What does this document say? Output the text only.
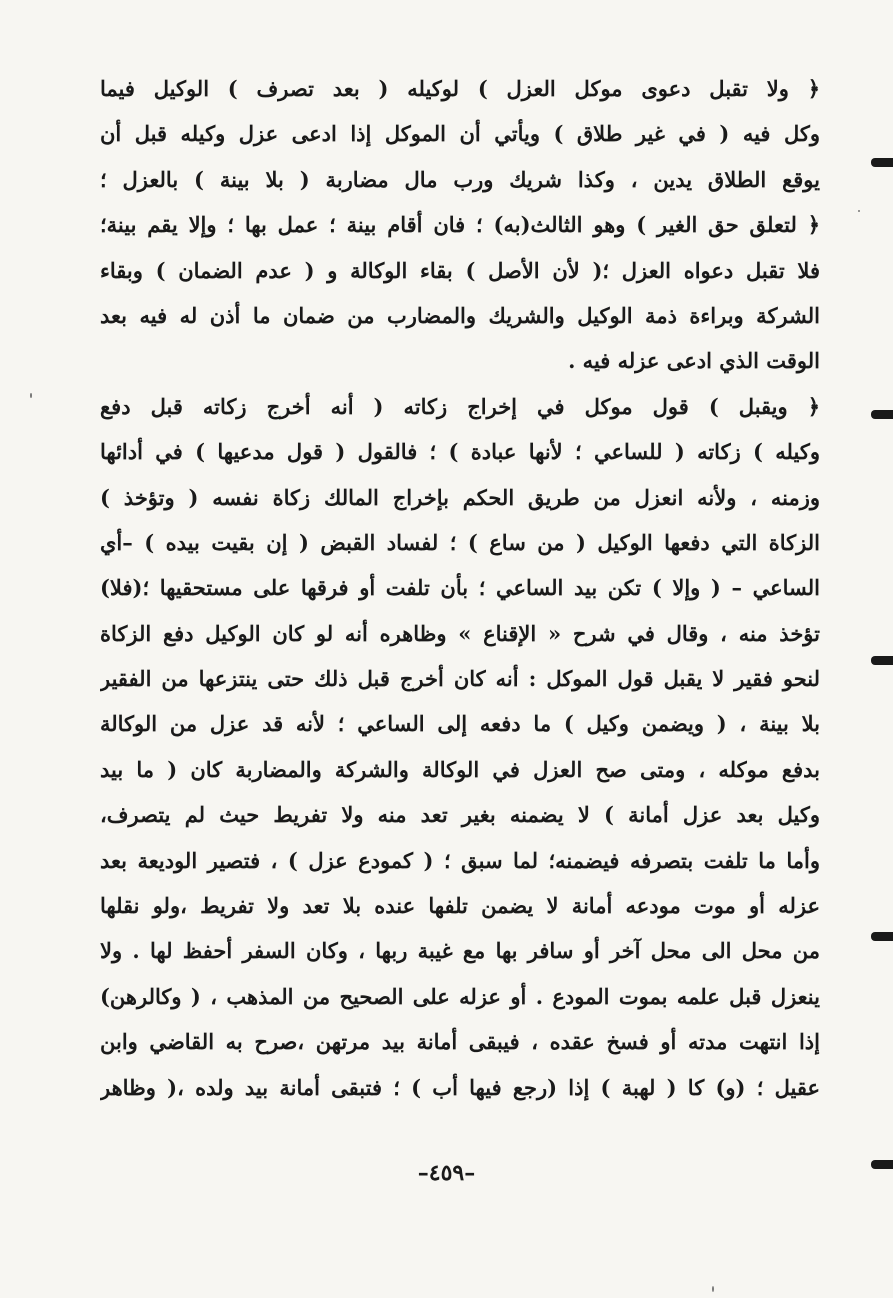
﴿ ولا تقبل دعوى موكل العزل ) لوكيله ( بعد تصرف ) الوكيل فيما
وكل فيه ( في غير طلاق ) ويأتي أن الموكل إذا ادعى عزل وكيله قبل أن
يوقع الطلاق يدين ، وكذا شريك ورب مال مضاربة ( بلا بينة ) بالعزل ؛
﴿ لتعلق حق الغير ) وهو الثالث(به) ؛ فان أقام بينة ؛ عمل بها ؛ وإلا يقم بينة؛
فلا تقبل دعواه العزل ؛( لأن الأصل ) بقاء الوكالة و ( عدم الضمان ) وبقاء
الشركة وبراءة ذمة الوكيل والشريك والمضارب من ضمان ما أذن له فيه بعد
الوقت الذي ادعى عزله فيه .
﴿ ويقبل ) قول موكل في إخراج زكاته ( أنه أخرج زكاته قبل دفع
وكيله ) زكاته ( للساعي ؛ لأنها عبادة ) ؛ فالقول ( قول مدعيها ) في أدائها
وزمنه ، ولأنه انعزل من طريق الحكم بإخراج المالك زكاة نفسه ( وتؤخذ )
الزكاة التي دفعها الوكيل ( من ساع ) ؛ لفساد القبض ( إن بقيت بيده ) –أي
الساعي – ( وإلا ) تكن بيد الساعي ؛ بأن تلفت أو فرقها على مستحقيها ؛(فلا)
تؤخذ منه ، وقال في شرح « الإقناع » وظاهره أنه لو كان الوكيل دفع الزكاة
لنحو فقير لا يقبل قول الموكل : أنه كان أخرج قبل ذلك حتى ينتزعها من الفقير
بلا بينة ، ( ويضمن وكيل ) ما دفعه إلى الساعي ؛ لأنه قد عزل من الوكالة
بدفع موكله ، ومتى صح العزل في الوكالة والشركة والمضاربة كان ( ما بيد
وكيل بعد عزل أمانة ) لا يضمنه بغير تعد منه ولا تفريط حيث لم يتصرف،
وأما ما تلفت بتصرفه فيضمنه؛ لما سبق ؛ ( كمودع عزل ) ، فتصير الوديعة بعد
عزله أو موت مودعه أمانة لا يضمن تلفها عنده بلا تعد ولا تفريط ،ولو نقلها
من محل الى محل آخر أو سافر بها مع غيبة ربها ، وكان السفر أحفظ لها . ولا
ينعزل قبل علمه بموت المودع . أو عزله على الصحيح من المذهب ، ( وكالرهن)
إذا انتهت مدته أو فسخ عقده ، فيبقى أمانة بيد مرتهن ،صرح به القاضي وابن
عقيل ؛ (و) كا ( لهبة ) إذا (رجع فيها أب ) ؛ فتبقى أمانة بيد ولده ،( وظاهر
–٤٥٩–
